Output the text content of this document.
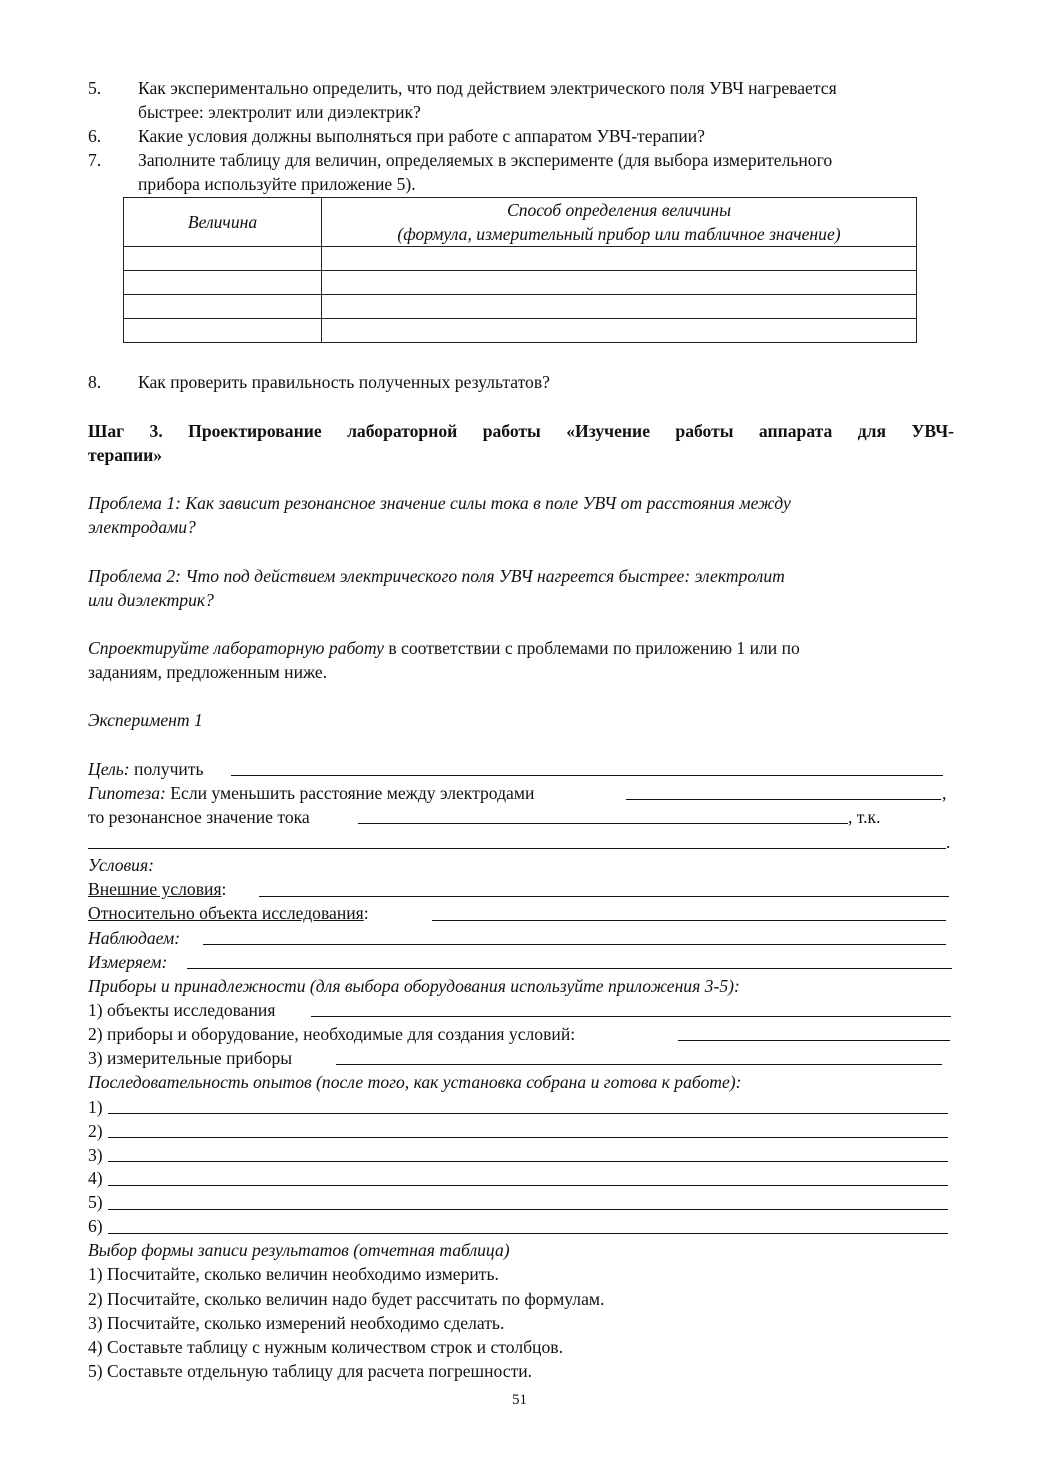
5. Как экспериментально определить, что под действием электрического поля УВЧ нагревается быстрее: электролит или диэлектрик?
6. Какие условия должны выполняться при работе с аппаратом УВЧ-терапии?
7. Заполните таблицу для величин, определяемых в эксперименте (для выбора измерительного прибора используйте приложение 5).
Величина	Способ определения величины
(формула, измерительный прибор или табличное значение)

8. Как проверить правильность полученных результатов?
Шаг 3. Проектирование лабораторной работы «Изучение работы аппарата для УВЧ-
терапии»
Проблема 1: Как зависит резонансное значение силы тока в поле УВЧ от расстояния между
электродами?
Проблема 2: Что под действием электрического поля УВЧ нагреется быстрее: электролит
или диэлектрик?
Спроектируйте лабораторную работу в соответствии с проблемами по приложению 1 или по
заданиям, предложенным ниже.
Эксперимент 1
Цель: получить
Гипотеза: Если уменьшить расстояние между электродами	,
то резонансное значение тока	, т.к.
.
Условия:
Внешние условия:
Относительно объекта исследования:
Наблюдаем:
Измеряем:
Приборы и принадлежности (для выбора оборудования используйте приложения 3-5):
1) объекты исследования
2) приборы и оборудование, необходимые для создания условий:
3) измерительные приборы
Последовательность опытов (после того, как установка собрана и готова к работе):
1)
2)
3)
4)
5)
6)
Выбор формы записи результатов (отчетная таблица)
1) Посчитайте, сколько величин необходимо измерить.
2) Посчитайте, сколько величин надо будет рассчитать по формулам.
3) Посчитайте, сколько измерений необходимо сделать.
4) Составьте таблицу с нужным количеством строк и столбцов.
5) Составьте отдельную таблицу для расчета погрешности.
51
